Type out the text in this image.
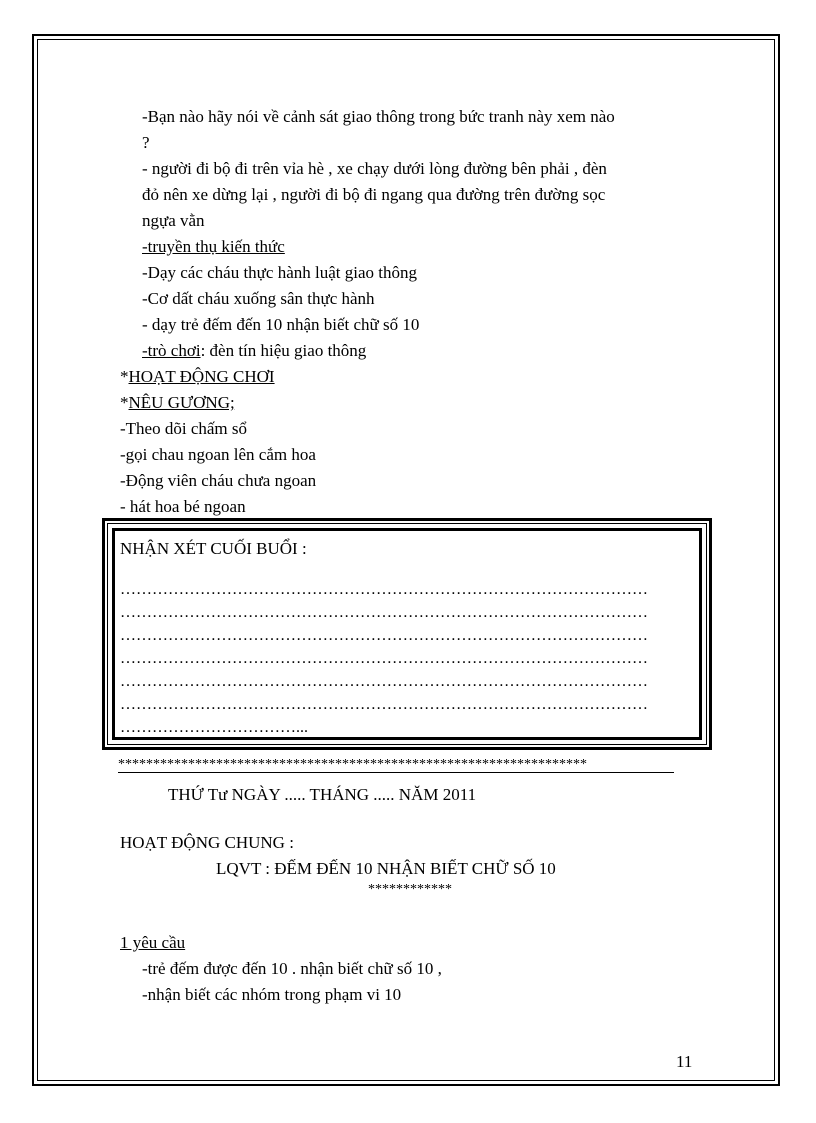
-Bạn nào hãy nói về cảnh sát giao thông trong bức tranh này xem nào
?
- người đi bộ đi trên vỉa hè , xe chạy dưới lòng đường bên phải , đèn
đỏ nên xe dừng lại , người đi bộ đi ngang qua đường trên đường sọc
ngựa vằn
-truyền thụ kiến thức
-Dạy các cháu thực hành luật giao thông
-Cơ dất cháu xuống sân thực hành
- dạy trẻ đếm đến 10 nhận biết chữ số 10
-trò chơi: đèn tín hiệu giao thông
*HOẠT ĐỘNG CHƠI
*NÊU GƯƠNG;
-Theo dõi chấm sổ
-gọi chau ngoan lên cắm hoa
-Động viên cháu chưa ngoan
- hát hoa bé ngoan
NHẬN XÉT CUỐI BUỔI :
………………………………………………………………………………………
………………………………………………………………………………………
………………………………………………………………………………………
………………………………………………………………………………………
………………………………………………………………………………………
………………………………………………………………………………………
……………………………...
*******************************************************************
THỨ Tư NGÀY ..... THÁNG ..... NĂM 2011
HOẠT ĐỘNG CHUNG :
LQVT : ĐẾM ĐẾN 10 NHẬN BIẾT CHỮ SỐ 10
************
1 yêu cầu
-trẻ đếm được đến 10 . nhận biết chữ số 10 ,
-nhận biết các nhóm trong phạm vi 10
11
